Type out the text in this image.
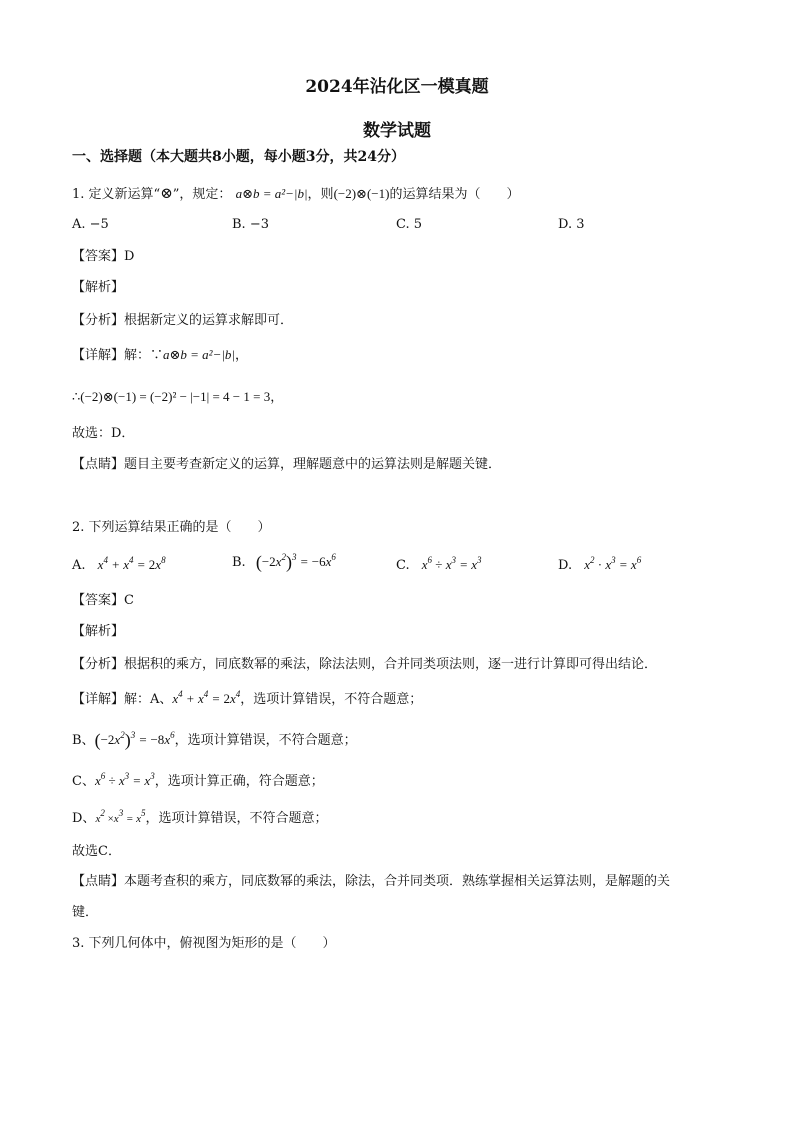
2024年沾化区一模真题
数学试题
一、选择题（本大题共8小题，每小题3分，共24分）
1. 定义新运算“⊗”，规定： a⊗b = a²−|b|，则(−2)⊗(−1)的运算结果为（　　）
A. −5	B. −3	C. 5	D. 3
【答案】D
【解析】
【分析】根据新定义的运算求解即可．
【详解】解：∵a⊗b = a²−|b|，
∴(−2)⊗(−1) = (−2)² − |−1| = 4 − 1 = 3，
故选：D．
【点睛】题目主要考查新定义的运算，理解题意中的运算法则是解题关键．
2. 下列运算结果正确的是（　　）
A. $x^4 + x^4 = 2x^8$	B. $(-2x^2)^3 = -6x^6$
C. $x^6 \div x^3 = x^3$	D. $x^2 \cdot x^3 = x^6$
【答案】C
【解析】
【分析】根据积的乘方，同底数幂的乘法，除法法则，合并同类项法则，逐一进行计算即可得出结论．
【详解】解：A、$x^4 + x^4 = 2x^4$，选项计算错误，不符合题意；
B、$(-2x^2)^3 = -8x^6$，选项计算错误，不符合题意；
C、$x^6 \div x^3 = x^3$，选项计算正确，符合题意；
D、$x^2 \times x^3 = x^5$，选项计算错误，不符合题意；
故选C．
【点睛】本题考查积的乘方，同底数幂的乘法，除法，合并同类项．熟练掌握相关运算法则，是解题的关
键．
3. 下列几何体中，俯视图为矩形的是（　　）
